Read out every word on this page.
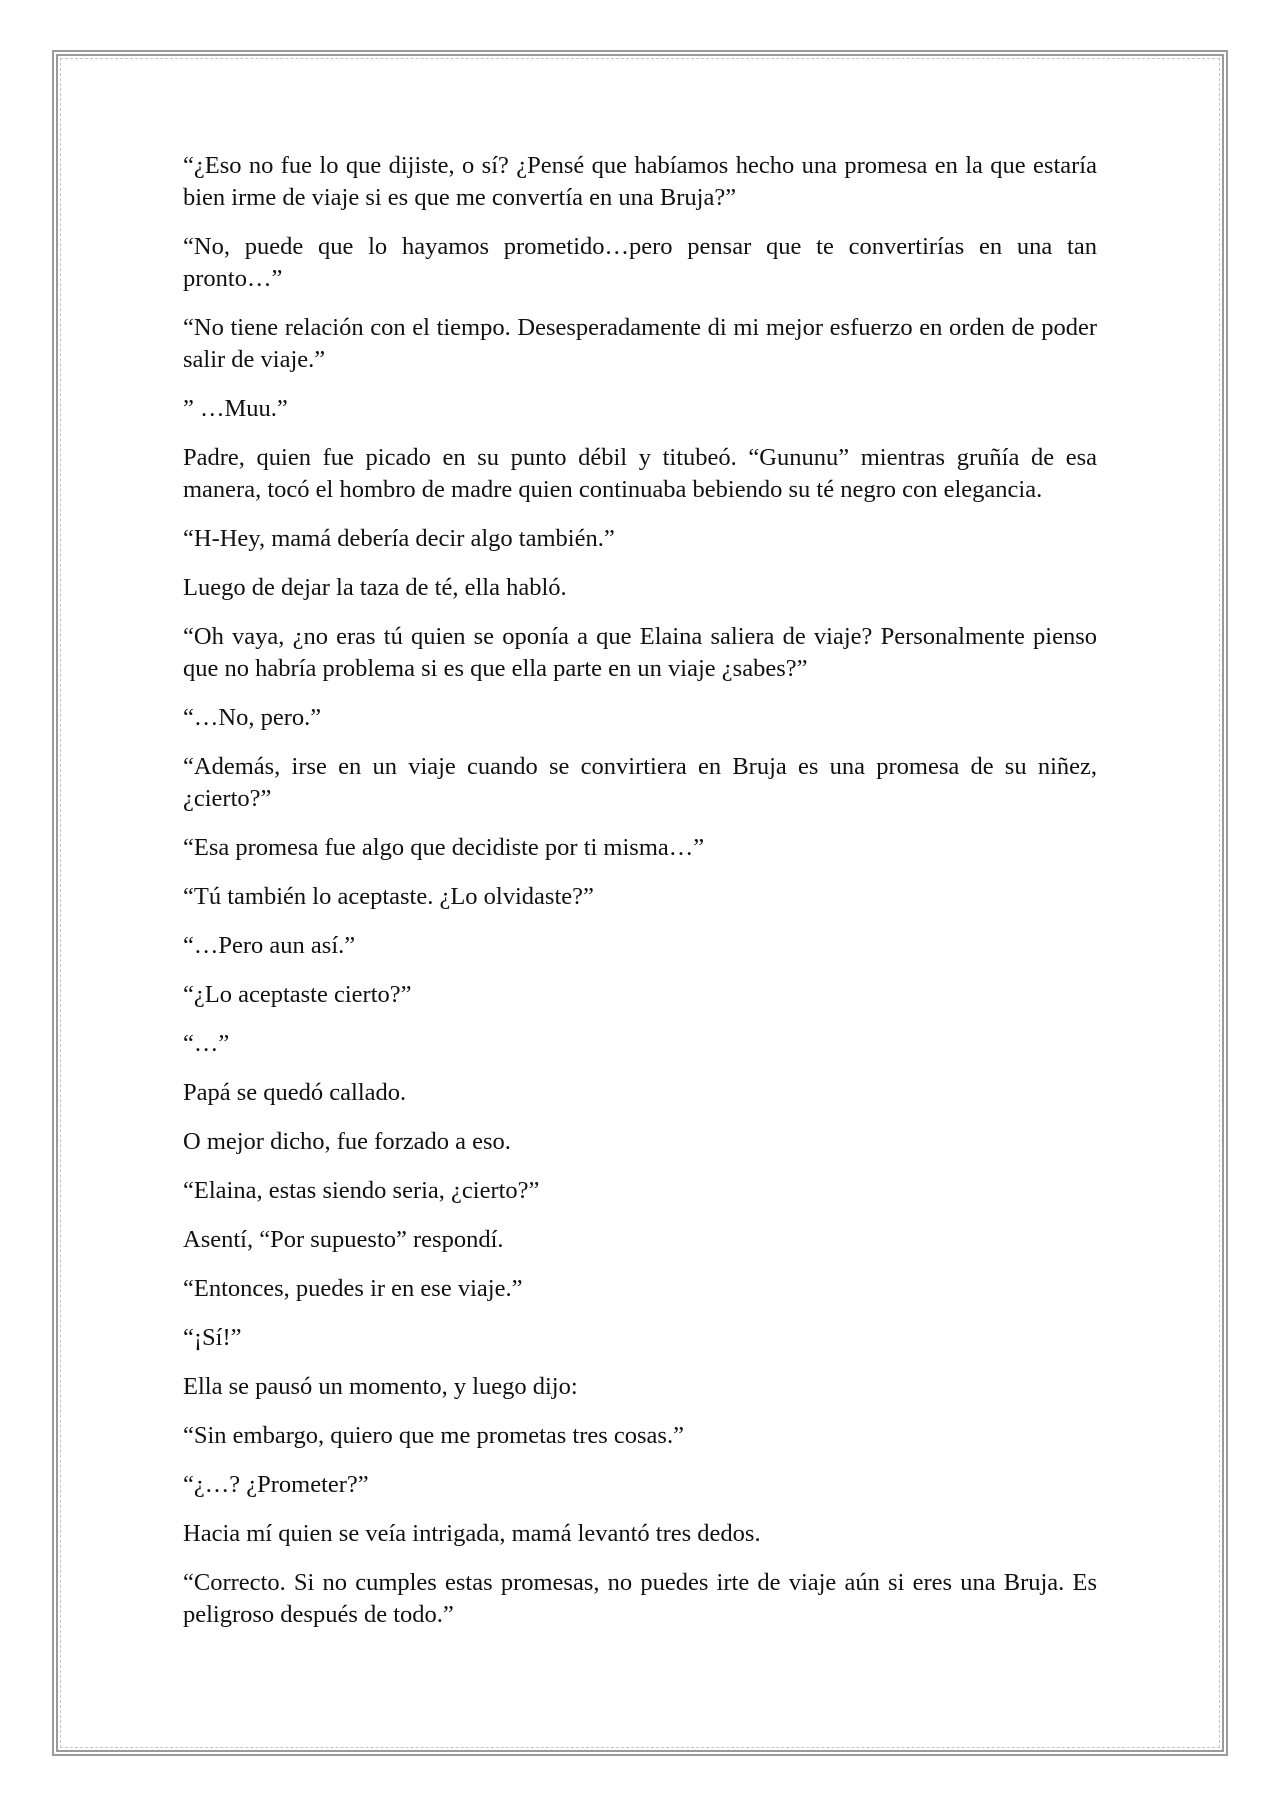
“¿Eso no fue lo que dijiste, o sí? ¿Pensé que habíamos hecho una promesa en la que estaría bien irme de viaje si es que me convertía en una Bruja?”

“No, puede que lo hayamos prometido…pero pensar que te convertirías en una tan pronto…”

“No tiene relación con el tiempo. Desesperadamente di mi mejor esfuerzo en orden de poder salir de viaje.”

” …Muu.”

Padre, quien fue picado en su punto débil y titubeó. “Gununu” mientras gruñía de esa manera, tocó el hombro de madre quien continuaba bebiendo su té negro con elegancia.

“H-Hey, mamá debería decir algo también.”

Luego de dejar la taza de té, ella habló.

“Oh vaya, ¿no eras tú quien se oponía a que Elaina saliera de viaje? Personalmente pienso que no habría problema si es que ella parte en un viaje ¿sabes?”

“…No, pero.”

“Además, irse en un viaje cuando se convirtiera en Bruja es una promesa de su niñez, ¿cierto?”

“Esa promesa fue algo que decidiste por ti misma…”

“Tú también lo aceptaste. ¿Lo olvidaste?”

“…Pero aun así.”

“¿Lo aceptaste cierto?”

“…”

Papá se quedó callado.

O mejor dicho, fue forzado a eso.

“Elaina, estas siendo seria, ¿cierto?”

Asentí, “Por supuesto” respondí.

“Entonces, puedes ir en ese viaje.”

“¡Sí!”

Ella se pausó un momento, y luego dijo:

“Sin embargo, quiero que me prometas tres cosas.”

“¿…? ¿Prometer?”

Hacia mí quien se veía intrigada, mamá levantó tres dedos.

“Correcto. Si no cumples estas promesas, no puedes irte de viaje aún si eres una Bruja. Es peligroso después de todo.”
